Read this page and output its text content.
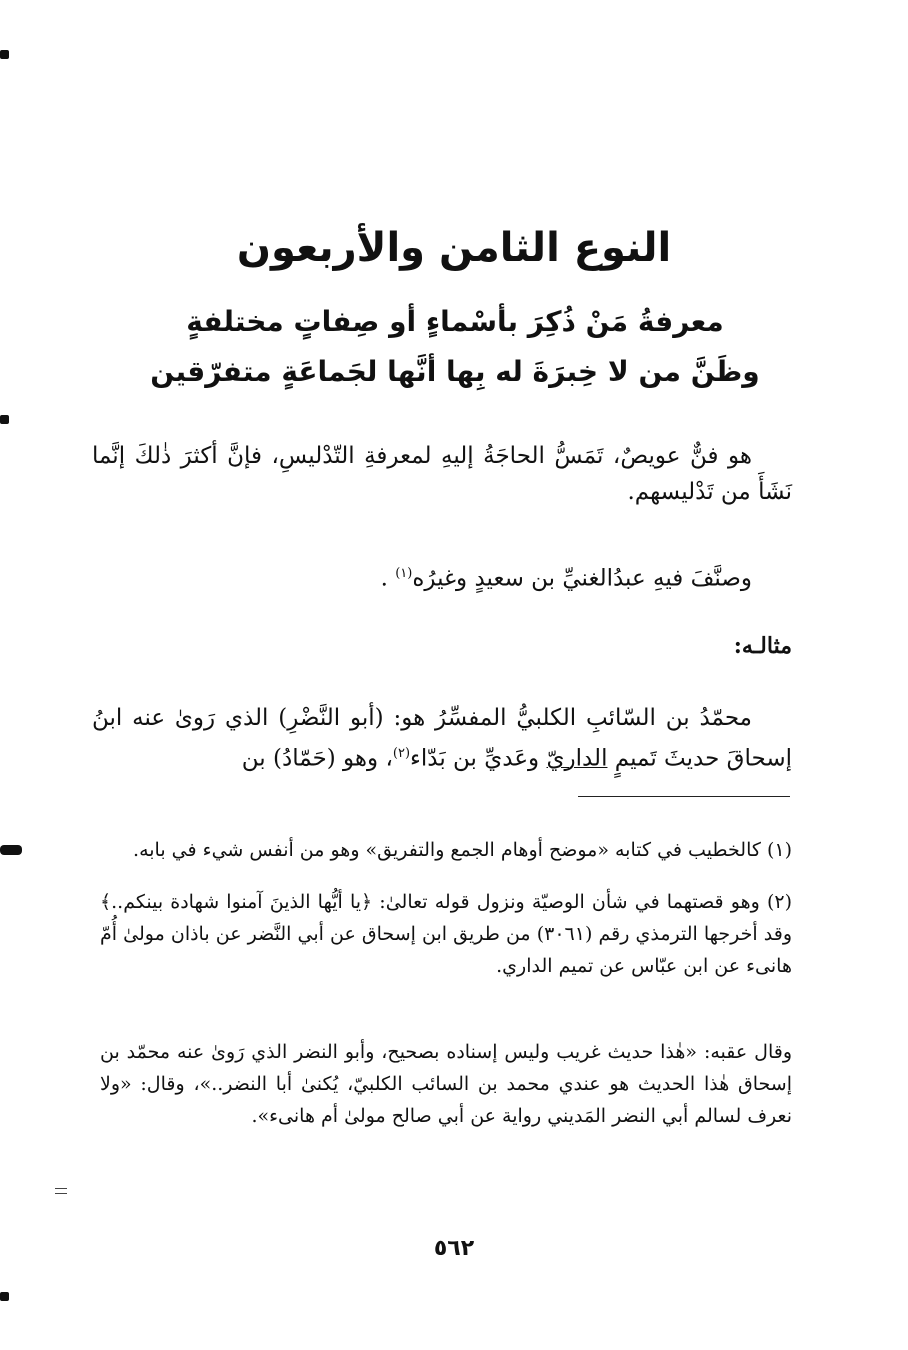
النوع الثامن والأربعون
معرفةُ مَنْ ذُكِرَ بأسْماءٍ أو صِفاتٍ مختلفةٍ
وظَنَّ من لا خِبرَةَ له بِها أنَّها لجَماعَةٍ متفرّقين

هو فنٌّ عويصٌ، تَمَسُّ الحاجَةُ إليهِ لمعرفةِ التّدْليسِ، فإنَّ أكثرَ ذٰلكَ إنَّما نَشَأَ من تَدْليسهم.

وصنَّفَ فيهِ عبدُالغنيِّ بن سعيدٍ وغيرُه$^{(١)}$ .

مثالـه:

محمّدُ بن السّائبِ الكلبيُّ المفسِّرُ هو: (أبو النَّضْرِ) الذي رَوىٰ عنه ابنُ إسحاقَ حديثَ تَميمٍ الداريّ وعَديِّ بن بَدّاء$^{(٢)}$، وهو (حَمّادُ) بن

(١) كالخطيب في كتابه «موضح أوهام الجمع والتفريق» وهو من أنفس شيء في بابه.

(٢) وهو قصتهما في شأن الوصيّة ونزول قوله تعالىٰ: ﴿يا أيُّها الذينَ آمنوا شهادة بينكم..﴾ وقد أخرجها الترمذي رقم (٣٠٦١) من طريق ابن إسحاق عن أبي النَّضر عن باذان مولىٰ أُمّ هانىء عن ابن عبّاس عن تميم الداري.

وقال عقبه: «هٰذا حديث غريب وليس إسناده بصحيح، وأبو النضر الذي رَوىٰ عنه محمّد بن إسحاق هٰذا الحديث هو عندي محمد بن السائب الكلبيّ، يُكنىٰ أبا النضر..»، وقال: «ولا نعرف لسالم أبي النضر المَديني رواية عن أبي صالح مولىٰ أم هانىء».

٥٦٢
